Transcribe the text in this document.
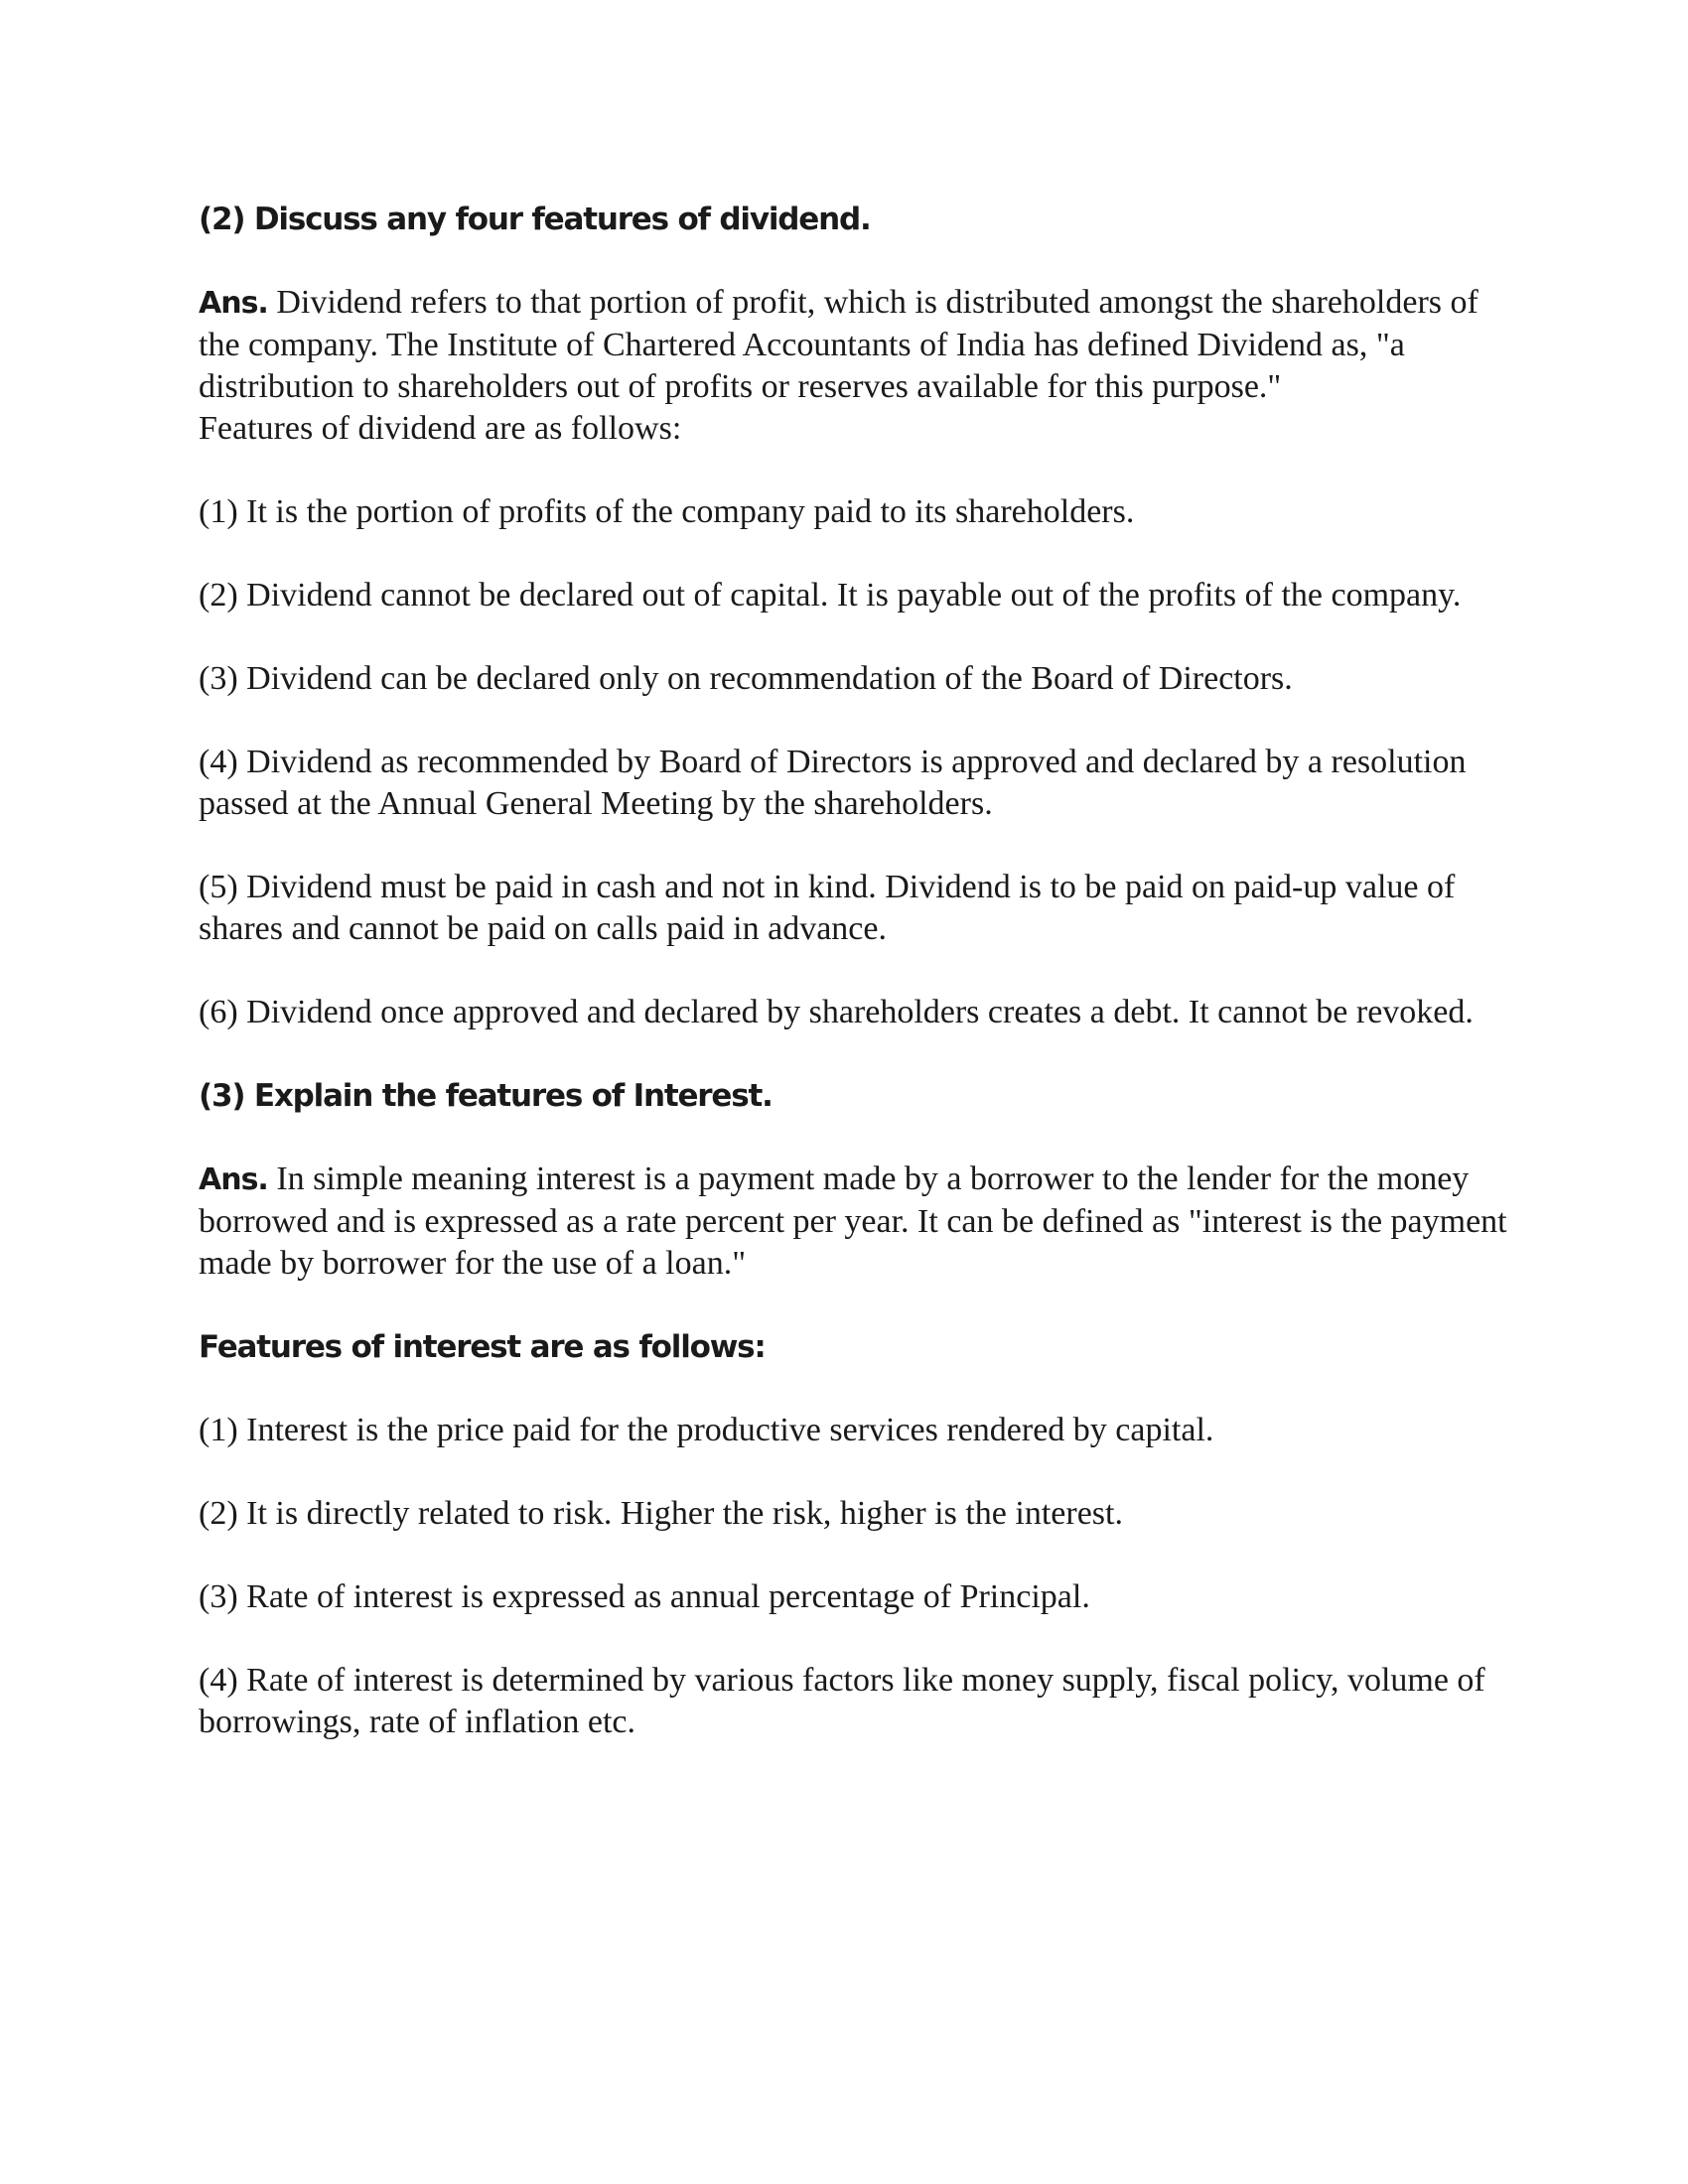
(2) Discuss any four features of dividend.
Ans. Dividend refers to that portion of profit, which is distributed amongst the shareholders of the company. The Institute of Chartered Accountants of India has defined Dividend as, "a distribution to shareholders out of profits or reserves available for this purpose."
Features of dividend are as follows:
(1) It is the portion of profits of the company paid to its shareholders.
(2) Dividend cannot be declared out of capital. It is payable out of the profits of the company.
(3) Dividend can be declared only on recommendation of the Board of Directors.
(4) Dividend as recommended by Board of Directors is approved and declared by a resolution passed at the Annual General Meeting by the shareholders.
(5) Dividend must be paid in cash and not in kind. Dividend is to be paid on paid-up value of shares and cannot be paid on calls paid in advance.
(6) Dividend once approved and declared by shareholders creates a debt. It cannot be revoked.
(3) Explain the features of Interest.
Ans. In simple meaning interest is a payment made by a borrower to the lender for the money borrowed and is expressed as a rate percent per year. It can be defined as "interest is the payment made by borrower for the use of a loan."
Features of interest are as follows:
(1) Interest is the price paid for the productive services rendered by capital.
(2) It is directly related to risk. Higher the risk, higher is the interest.
(3) Rate of interest is expressed as annual percentage of Principal.
(4) Rate of interest is determined by various factors like money supply, fiscal policy, volume of borrowings, rate of inflation etc.
